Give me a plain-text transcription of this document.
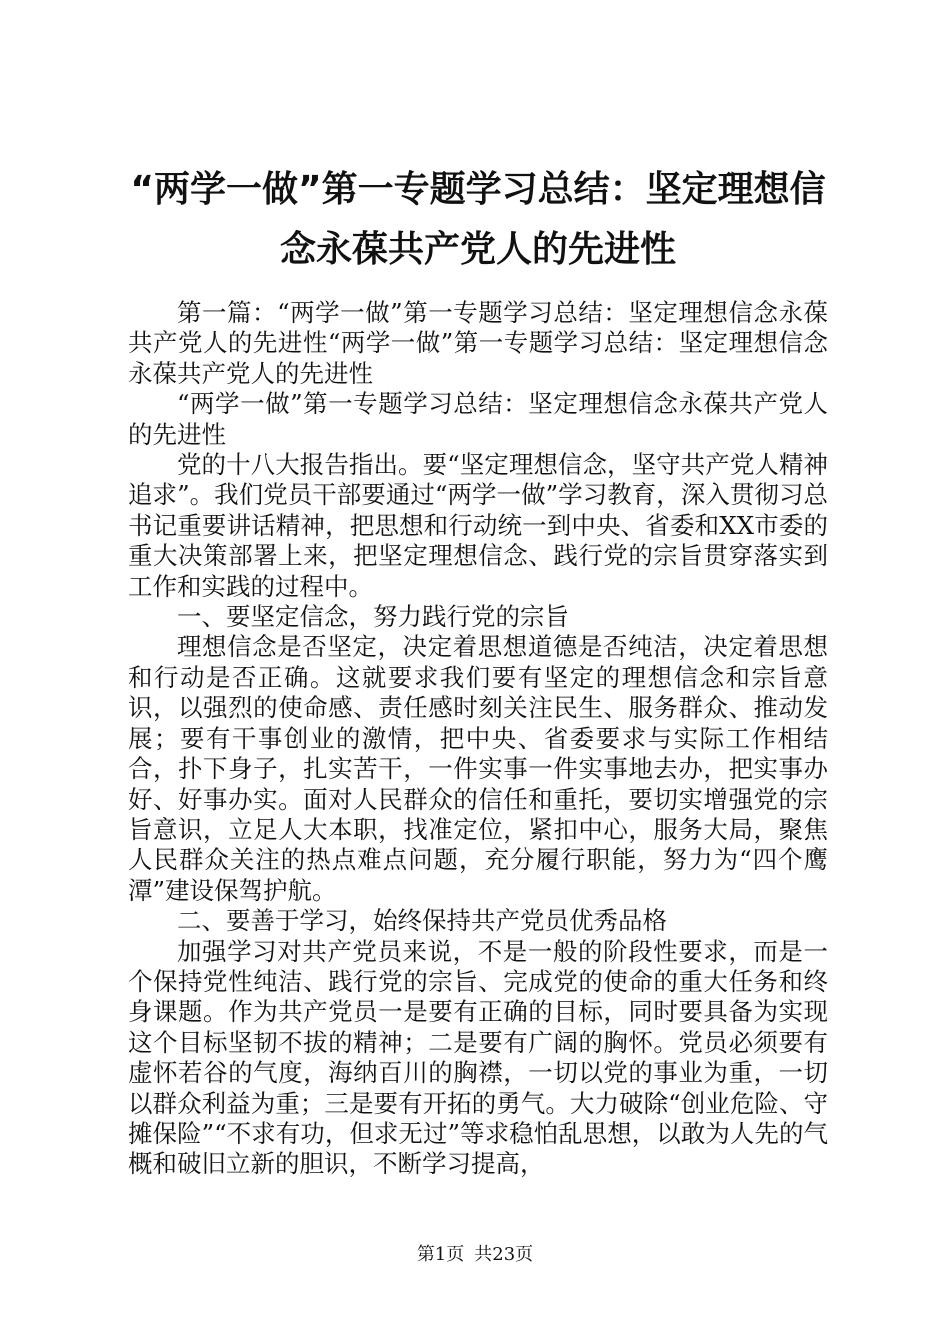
“两学一做”第一专题学习总结：坚定理想信念永葆共产党人的先进性

第一篇：“两学一做”第一专题学习总结：坚定理想信念永葆共产党人的先进性“两学一做”第一专题学习总结：坚定理想信念永葆共产党人的先进性

“两学一做”第一专题学习总结：坚定理想信念永葆共产党人的先进性

党的十八大报告指出。要“坚定理想信念，坚守共产党人精神追求”。我们党员干部要通过“两学一做”学习教育，深入贯彻习总书记重要讲话精神，把思想和行动统一到中央、省委和XX市委的重大决策部署上来，把坚定理想信念、践行党的宗旨贯穿落实到工作和实践的过程中。

一、要坚定信念，努力践行党的宗旨

理想信念是否坚定，决定着思想道德是否纯洁，决定着思想和行动是否正确。这就要求我们要有坚定的理想信念和宗旨意识，以强烈的使命感、责任感时刻关注民生、服务群众、推动发展；要有干事创业的激情，把中央、省委要求与实际工作相结合，扑下身子，扎实苦干，一件实事一件实事地去办，把实事办好、好事办实。面对人民群众的信任和重托，要切实增强党的宗旨意识，立足人大本职，找准定位，紧扣中心，服务大局，聚焦人民群众关注的热点难点问题，充分履行职能，努力为“四个鹰潭”建设保驾护航。

二、要善于学习，始终保持共产党员优秀品格

加强学习对共产党员来说，不是一般的阶段性要求，而是一个保持党性纯洁、践行党的宗旨、完成党的使命的重大任务和终身课题。作为共产党员一是要有正确的目标，同时要具备为实现这个目标坚韧不拔的精神；二是要有广阔的胸怀。党员必须要有虚怀若谷的气度，海纳百川的胸襟，一切以党的事业为重，一切以群众利益为重；三是要有开拓的勇气。大力破除“创业危险、守摊保险”“不求有功，但求无过”等求稳怕乱思想，以敢为人先的气概和破旧立新的胆识，不断学习提高，

第1页 共23页
